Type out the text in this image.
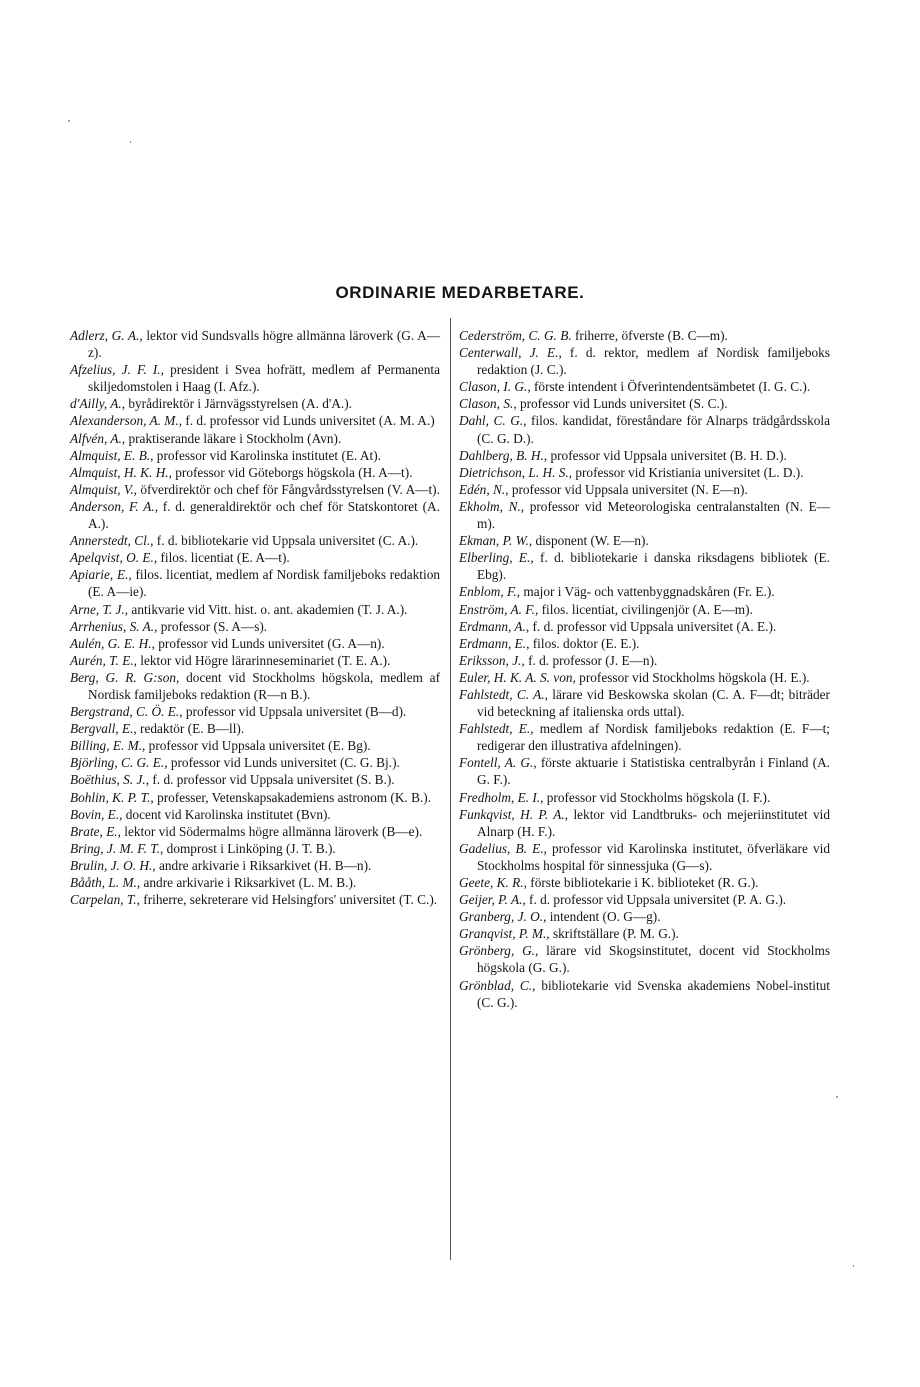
ORDINARIE MEDARBETARE.
Adlerz, G. A., lektor vid Sundsvalls högre allmänna läroverk (G. A—z).
Afzelius, J. F. I., president i Svea hofrätt, medlem af Permanenta skiljedomstolen i Haag (I. Afz.).
d'Ailly, A., byrådirektör i Järnvägsstyrelsen (A. d'A.).
Alexanderson, A. M., f. d. professor vid Lunds universitet (A. M. A.)
Alfvén, A., praktiserande läkare i Stockholm (Avn).
Almquist, E. B., professor vid Karolinska institutet (E. At).
Almquist, H. K. H., professor vid Göteborgs högskola (H. A—t).
Almquist, V., öfverdirektör och chef för Fångvårdsstyrelsen (V. A—t).
Anderson, F. A., f. d. generaldirektör och chef för Statskontoret (A. A.).
Annerstedt, Cl., f. d. bibliotekarie vid Uppsala universitet (C. A.).
Apelqvist, O. E., filos. licentiat (E. A—t).
Apiarie, E., filos. licentiat, medlem af Nordisk familjeboks redaktion (E. A—ie).
Arne, T. J., antikvarie vid Vitt. hist. o. ant. akademien (T. J. A.).
Arrhenius, S. A., professor (S. A—s).
Aulén, G. E. H., professor vid Lunds universitet (G. A—n).
Aurén, T. E., lektor vid Högre lärarinneseminariet (T. E. A.).
Berg, G. R. G:son, docent vid Stockholms högskola, medlem af Nordisk familjeboks redaktion (R—n B.).
Bergstrand, C. Ö. E., professor vid Uppsala universitet (B—d).
Bergvall, E., redaktör (E. B—ll).
Billing, E. M., professor vid Uppsala universitet (E. Bg).
Björling, C. G. E., professor vid Lunds universitet (C. G. Bj.).
Boëthius, S. J., f. d. professor vid Uppsala universitet (S. B.).
Bohlin, K. P. T., professer, Vetenskapsakademiens astronom (K. B.).
Bovin, E., docent vid Karolinska institutet (Bvn).
Brate, E., lektor vid Södermalms högre allmänna läroverk (B—e).
Bring, J. M. F. T., domprost i Linköping (J. T. B.).
Brulin, J. O. H., andre arkivarie i Riksarkivet (H. B—n).
Bååth, L. M., andre arkivarie i Riksarkivet (L. M. B.).
Carpelan, T., friherre, sekreterare vid Helsingfors' universitet (T. C.).
Cederström, C. G. B. friherre, öfverste (B. C—m).
Centerwall, J. E., f. d. rektor, medlem af Nordisk familjeboks redaktion (J. C.).
Clason, I. G., förste intendent i Öfverintendentsämbetet (I. G. C.).
Clason, S., professor vid Lunds universitet (S. C.).
Dahl, C. G., filos. kandidat, föreståndare för Alnarps trädgårdsskola (C. G. D.).
Dahlberg, B. H., professor vid Uppsala universitet (B. H. D.).
Dietrichson, L. H. S., professor vid Kristiania universitet (L. D.).
Edén, N., professor vid Uppsala universitet (N. E—n).
Ekholm, N., professor vid Meteorologiska centralanstalten (N. E—m).
Ekman, P. W., disponent (W. E—n).
Elberling, E., f. d. bibliotekarie i danska riksdagens bibliotek (E. Ebg).
Enblom, F., major i Väg- och vattenbyggnadskåren (Fr. E.).
Enström, A. F., filos. licentiat, civilingenjör (A. E—m).
Erdmann, A., f. d. professor vid Uppsala universitet (A. E.).
Erdmann, E., filos. doktor (E. E.).
Eriksson, J., f. d. professor (J. E—n).
Euler, H. K. A. S. von, professor vid Stockholms högskola (H. E.).
Fahlstedt, C. A., lärare vid Beskowska skolan (C. A. F—dt; biträder vid beteckning af italienska ords uttal).
Fahlstedt, E., medlem af Nordisk familjeboks redaktion (E. F—t; redigerar den illustrativa afdelningen).
Fontell, A. G., förste aktuarie i Statistiska centralbyrån i Finland (A. G. F.).
Fredholm, E. I., professor vid Stockholms högskola (I. F.).
Funkqvist, H. P. A., lektor vid Landtbruks- och mejeriinstitutet vid Alnarp (H. F.).
Gadelius, B. E., professor vid Karolinska institutet, öfverläkare vid Stockholms hospital för sinnessjuka (G—s).
Geete, K. R., förste bibliotekarie i K. biblioteket (R. G.).
Geijer, P. A., f. d. professor vid Uppsala universitet (P. A. G.).
Granberg, J. O., intendent (O. G—g).
Granqvist, P. M., skriftställare (P. M. G.).
Grönberg, G., lärare vid Skogsinstitutet, docent vid Stockholms högskola (G. G.).
Grönblad, C., bibliotekarie vid Svenska akademiens Nobel-institut (C. G.).
